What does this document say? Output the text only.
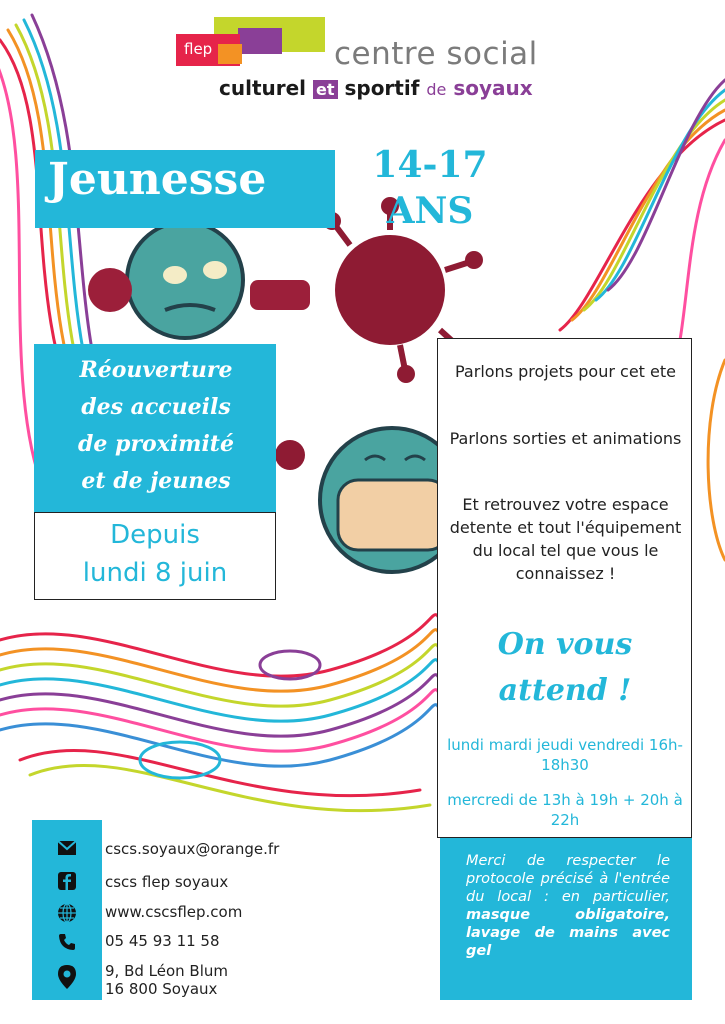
flep	centre social
culturel et sportif de soyaux
Jeunesse	14-17
ANS
Réouverture
des accueils
de proximité
et de jeunes
Depuis
lundi 8 juin
Parlons projets pour cet ete
Parlons sorties et animations
Et retrouvez votre espace detente et tout l'équipement du local tel que vous le connaissez !
On vous
attend !
lundi mardi jeudi vendredi 16h-18h30
mercredi de 13h à 19h + 20h à 22h
cscs.soyaux@orange.fr
cscs flep soyaux
www.cscsflep.com
05 45 93 11 58
9, Bd Léon Blum
16 800 Soyaux
Merci de respecter le protocole précisé à l'entrée du local : en particulier, masque obligatoire, lavage de mains avec gel
